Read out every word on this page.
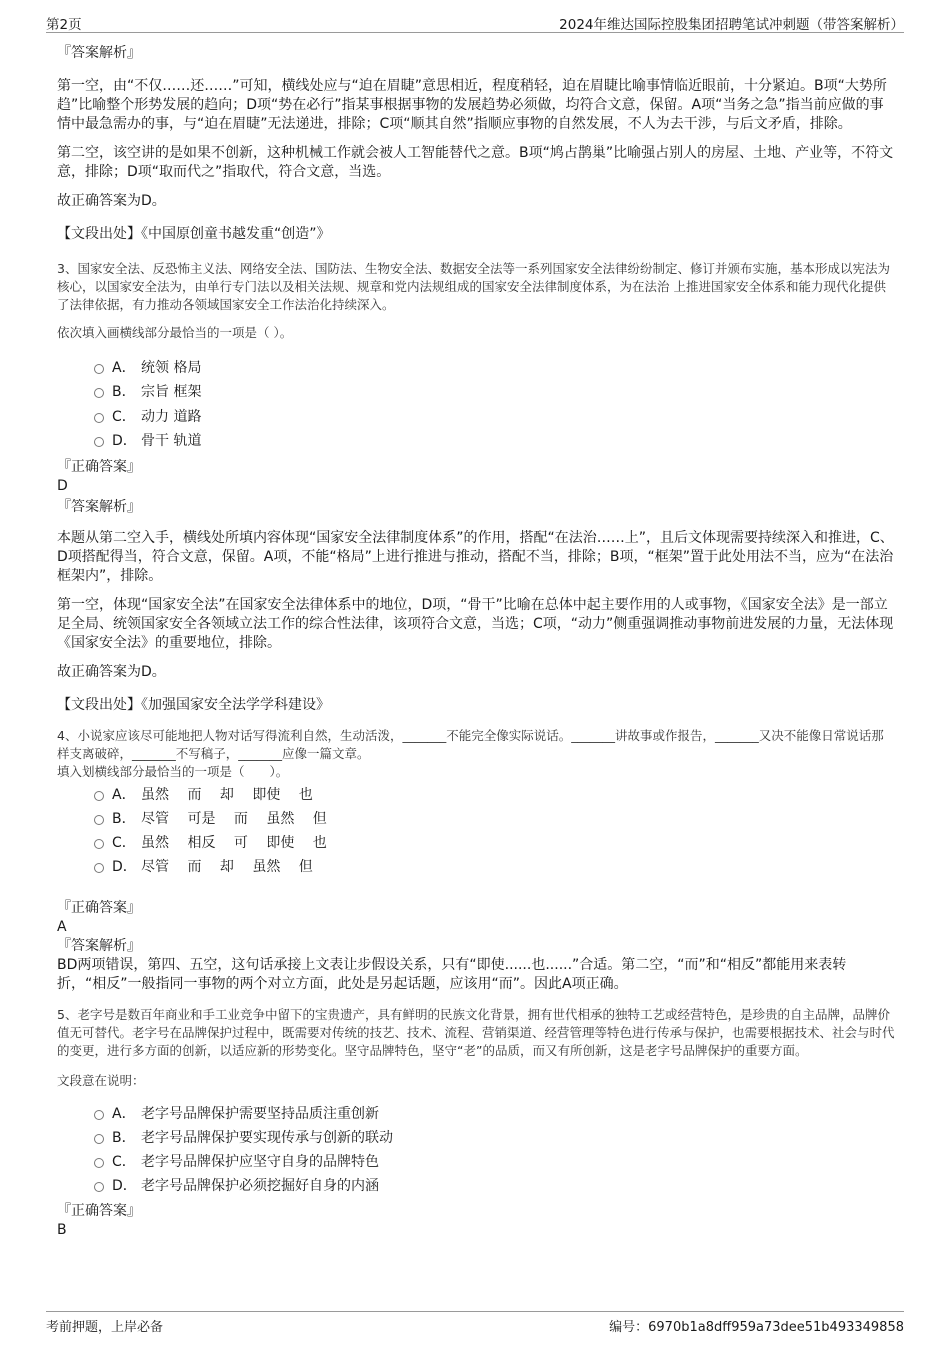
第2页	2024年维达国际控股集团招聘笔试冲刺题（带答案解析）

『答案解析』

第一空，由“不仅……还……”可知，横线处应与“迫在眉睫”意思相近，程度稍轻，迫在眉睫比喻事情临近眼前，十分紧迫。B项“大势所趋”比喻整个形势发展的趋向；D项“势在必行”指某事根据事物的发展趋势必须做，均符合文意，保留。A项“当务之急”指当前应做的事情中最急需办的事，与“迫在眉睫”无法递进，排除；C项“顺其自然”指顺应事物的自然发展，不人为去干涉，与后文矛盾，排除。

第二空，该空讲的是如果不创新，这种机械工作就会被人工智能替代之意。B项“鸠占鹊巢”比喻强占别人的房屋、土地、产业等，不符文意，排除；D项“取而代之”指取代，符合文意，当选。

故正确答案为D。

【文段出处】《中国原创童书越发重“创造”》

3、国家安全法、反恐怖主义法、网络安全法、国防法、生物安全法、数据安全法等一系列国家安全法律纷纷制定、修订并颁布实施，基本形成以宪法为核心，以国家安全法为，由单行专门法以及相关法规、规章和党内法规组成的国家安全法律制度体系，为在法治 上推进国家安全体系和能力现代化提供了法律依据，有力推动各领域国家安全工作法治化持续深入。

依次填入画横线部分最恰当的一项是（ ）。

A． 统领 格局
B． 宗旨 框架
C． 动力 道路
D． 骨干 轨道

『正确答案』

D

『答案解析』

本题从第二空入手，横线处所填内容体现“国家安全法律制度体系”的作用，搭配“在法治……上”，且后文体现需要持续深入和推进，C、D项搭配得当，符合文意，保留。A项，不能“格局”上进行推进与推动，搭配不当，排除；B项，“框架”置于此处用法不当，应为“在法治框架内”，排除。

第一空，体现“国家安全法”在国家安全法律体系中的地位，D项，“骨干”比喻在总体中起主要作用的人或事物，《国家安全法》是一部立足全局、统领国家安全各领域立法工作的综合性法律，该项符合文意，当选；C项，“动力”侧重强调推动事物前进发展的力量，无法体现《国家安全法》的重要地位，排除。

故正确答案为D。

【文段出处】《加强国家安全法学学科建设》

4、小说家应该尽可能地把人物对话写得流利自然，生动活泼，_______不能完全像实际说话。_______讲故事或作报告，_______又决不能像日常说话那样支离破碎，_______不写稿子，_______应像一篇文章。

填入划横线部分最恰当的一项是（　　）。

A． 虽然　 而　 却　 即使　 也
B． 尽管　 可是　 而　 虽然　 但
C． 虽然　 相反　 可　 即使　 也
D． 尽管　 而　 却　 虽然　 但

『正确答案』

A

『答案解析』

BD两项错误，第四、五空，这句话承接上文表让步假设关系，只有“即使......也......”合适。第二空，“而”和“相反”都能用来表转折，“相反”一般指同一事物的两个对立方面，此处是另起话题，应该用“而”。因此A项正确。

5、老字号是数百年商业和手工业竞争中留下的宝贵遗产，具有鲜明的民族文化背景，拥有世代相承的独特工艺或经营特色，是珍贵的自主品牌，品牌价值无可替代。老字号在品牌保护过程中，既需要对传统的技艺、技术、流程、营销渠道、经营管理等特色进行传承与保护，也需要根据技术、社会与时代的变更，进行多方面的创新，以适应新的形势变化。坚守品牌特色，坚守“老”的品质，而又有所创新，这是老字号品牌保护的重要方面。

文段意在说明：

A． 老字号品牌保护需要坚持品质注重创新
B． 老字号品牌保护要实现传承与创新的联动
C． 老字号品牌保护应坚守自身的品牌特色
D． 老字号品牌保护必须挖掘好自身的内涵

『正确答案』

B

考前押题，上岸必备	编号：6970b1a8dff959a73dee51b493349858
